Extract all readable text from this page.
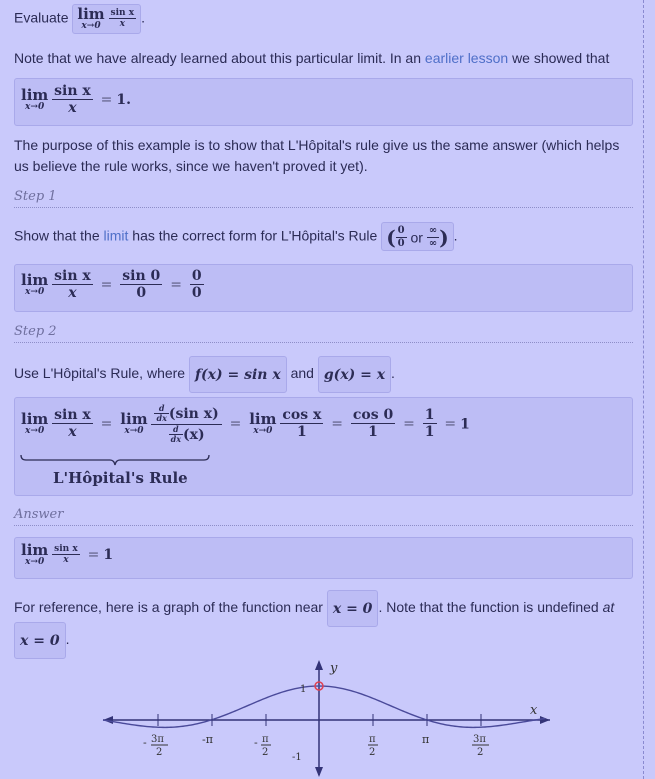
Evaluate lim
x→0
$\frac{\text{sin x}}{x}$ .
Note that we have already learned about this particular limit. In an earlier lesson we showed that
lim
x→0
$\frac{\text{sin x}}{x} = 1$.
The purpose of this example is to show that L'Hôpital's rule give us the same answer (which helps us believe the rule works, since we haven't proved it yet).
Step 1
Show that the limit has the correct form for L'Hôpital's Rule ( $\frac{0}{0}$ or $\frac{\infty}{\infty}$ ) .
lim
x→0
$\frac{\text{sin x}}{x} = \frac{\sin 0}{0} = \frac{0}{0}$
Step 2
Use L'Hôpital's Rule, where f(x) = sin x and g(x) = x .
lim
x→0
$\frac{\text{sin x}}{x} = \lim$
x→0
$\frac{\frac{d}{dx} (\sin x)}{\frac{d}{dx} (x)} = \lim$
x→0
$\frac{\text{cos x}}{1} = \frac{\cos 0}{1} = \frac{1}{1} = 1$
L'Hôpital's Rule
Answer
lim
x→0
$\frac{\text{sin x}}{x} = 1$
For reference, here is a graph of the function near x = 0 . Note that the function is undefined at
x = 0 .
y
x
1
-1
- 3π
2
-π	- π
2
π
2
π	3π
2
